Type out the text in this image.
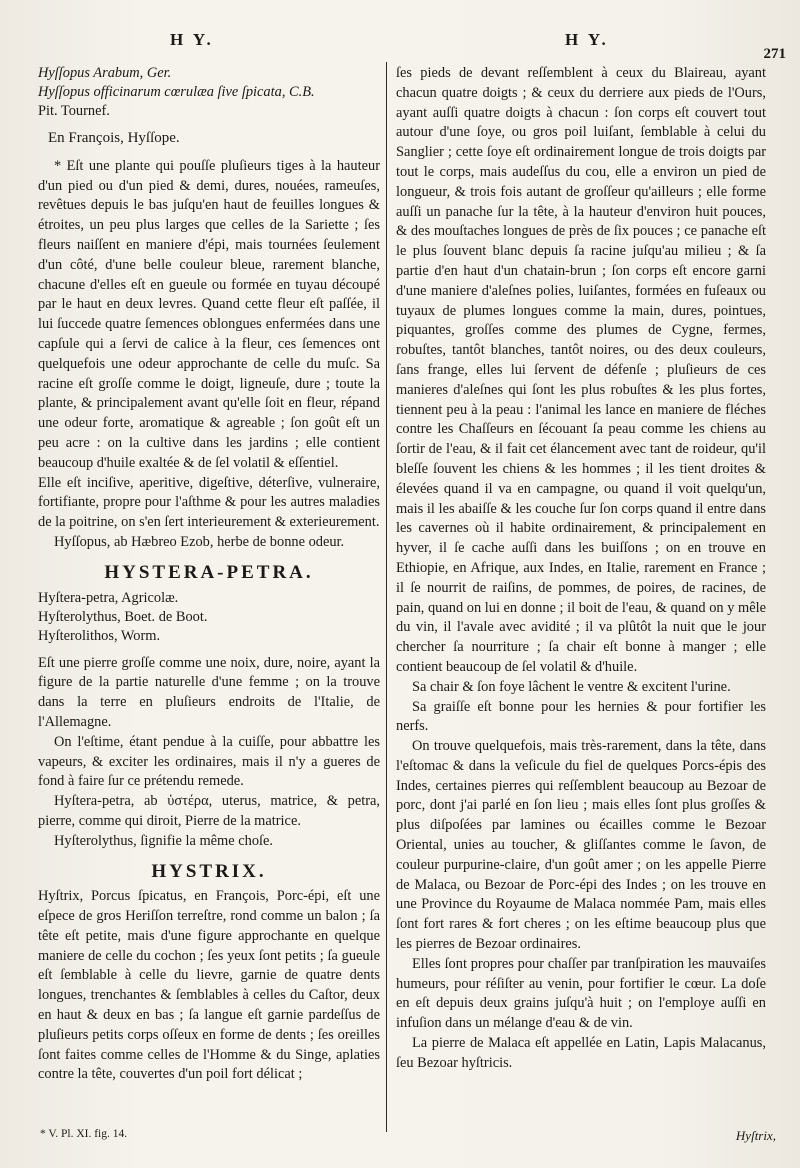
H Y.	H Y.
271

Hyſſopus Arabum, Ger.

Hyſſopus officinarum cœrulæa ſive ſpicata, C.B.

Pit. Tournef.

En François, Hyſſope.

* Eſt une plante qui pouſſe pluſieurs tiges à la hauteur d'un pied ou d'un pied & demi, dures, nouées, rameuſes, revêtues depuis le bas juſqu'en haut de feuilles longues & étroites, un peu plus larges que celles de la Sariette ; ſes fleurs naiſſent en maniere d'épi, mais tournées ſeulement d'un côté, d'une belle couleur bleue, rarement blanche, chacune d'elles eſt en gueule ou formée en tuyau découpé par le haut en deux levres. Quand cette fleur eſt paſſée, il lui ſuccede quatre ſemences oblongues enfermées dans une capſule qui a ſervi de calice à la fleur, ces ſemences ont quelquefois une odeur approchante de celle du muſc. Sa racine eſt groſſe comme le doigt, ligneuſe, dure ; toute la plante, & principalement avant qu'elle ſoit en fleur, répand une odeur forte, aromatique & agreable ; ſon goût eſt un peu acre : on la cultive dans les jardins ; elle contient beaucoup d'huile exaltée & de ſel volatil & eſſentiel.

Elle eſt inciſive, aperitive, digeſtive, déterſive, vulneraire, fortifiante, propre pour l'aſthme & pour les autres maladies de la poitrine, on s'en ſert interieurement & exterieurement.

Hyſſopus, ab Hæbreo Ezob, herbe de bonne odeur.

HYSTERA-PETRA.

Hyſtera-petra, Agricolæ.

Hyſterolythus, Boet. de Boot.

Hyſterolithos, Worm.

Eſt une pierre groſſe comme une noix, dure, noire, ayant la figure de la partie naturelle d'une femme ; on la trouve dans la terre en pluſieurs endroits de l'Italie, de l'Allemagne.

On l'eſtime, étant pendue à la cuiſſe, pour abbattre les vapeurs, & exciter les ordinaires, mais il n'y a gueres de fond à faire ſur ce prétendu remede.

Hyſtera-petra, ab ὑστέρα, uterus, matrice, & petra, pierre, comme qui diroit, Pierre de la matrice.

Hyſterolythus, ſignifie la même choſe.

HYSTRIX.

Hyſtrix, Porcus ſpicatus, en François, Porc-épi, eſt une eſpece de gros Heriſſon terreſtre, rond comme un balon ; ſa tête eſt petite, mais d'une figure approchante en quelque maniere de celle du cochon ; ſes yeux ſont petits ; ſa gueule eſt ſemblable à celle du lievre, garnie de quatre dents longues, trenchantes & ſemblables à celles du Caſtor, deux en haut & deux en bas ; ſa langue eſt garnie pardeſſus de pluſieurs petits corps oſſeux en forme de dents ; ſes oreilles ſont faites comme celles de l'Homme & du Singe, aplaties contre la tête, couvertes d'un poil fort délicat ;

ſes pieds de devant reſſemblent à ceux du Blaireau, ayant chacun quatre doigts ; & ceux du derriere aux pieds de l'Ours, ayant auſſi quatre doigts à chacun : ſon corps eſt couvert tout autour d'une ſoye, ou gros poil luiſant, ſemblable à celui du Sanglier ; cette ſoye eſt ordinairement longue de trois doigts par tout le corps, mais audeſſus du cou, elle a environ un pied de longueur, & trois fois autant de groſſeur qu'ailleurs ; elle forme auſſi un panache ſur la tête, à la hauteur d'environ huit pouces, & des mouſtaches longues de près de ſix pouces ; ce panache eſt le plus ſouvent blanc depuis ſa racine juſqu'au milieu ; & ſa partie d'en haut d'un chatain-brun ; ſon corps eſt encore garni d'une maniere d'aleſnes polies, luiſantes, formées en fuſeaux ou tuyaux de plumes longues comme la main, dures, pointues, piquantes, groſſes comme des plumes de Cygne, fermes, robuſtes, tantôt blanches, tantôt noires, ou des deux couleurs, ſans frange, elles lui ſervent de défenſe ; pluſieurs de ces manieres d'aleſnes qui ſont les plus robuſtes & les plus fortes, tiennent peu à la peau : l'animal les lance en maniere de fléches contre les Chaſſeurs en ſécouant ſa peau comme les chiens au ſortir de l'eau, & il fait cet élancement avec tant de roideur, qu'il bleſſe ſouvent les chiens & les hommes ; il les tient droites & élevées quand il va en campagne, ou quand il voit quelqu'un, mais il les abaiſſe & les couche ſur ſon corps quand il entre dans les cavernes où il habite ordinairement, & principalement en hyver, il ſe cache auſſi dans les buiſſons ; on en trouve en Ethiopie, en Afrique, aux Indes, en Italie, rarement en France ; il ſe nourrit de raiſins, de pommes, de poires, de racines, de pain, quand on lui en donne ; il boit de l'eau, & quand on y mêle du vin, il l'avale avec avidité ; il va plûtôt la nuit que le jour chercher ſa nourriture ; ſa chair eſt bonne à manger ; elle contient beaucoup de ſel volatil & d'huile.

Sa chair & ſon foye lâchent le ventre & excitent l'urine.

Sa graiſſe eſt bonne pour les hernies & pour fortifier les nerfs.

On trouve quelquefois, mais très-rarement, dans la tête, dans l'eſtomac & dans la veſicule du fiel de quelques Porcs-épis des Indes, certaines pierres qui reſſemblent beaucoup au Bezoar de porc, dont j'ai parlé en ſon lieu ; mais elles ſont plus groſſes & plus diſpoſées par lamines ou écailles comme le Bezoar Oriental, unies au toucher, & gliſſantes comme le ſavon, de couleur purpurine-claire, d'un goût amer ; on les appelle Pierre de Malaca, ou Bezoar de Porc-épi des Indes ; on les trouve en une Province du Royaume de Malaca nommée Pam, mais elles ſont fort rares & fort cheres ; on les eſtime beaucoup plus que les pierres de Bezoar ordinaires.

Elles ſont propres pour chaſſer par tranſpiration les mauvaiſes humeurs, pour réſiſter au venin, pour fortifier le cœur. La doſe en eſt depuis deux grains juſqu'à huit ; on l'employe auſſi en infuſion dans un mélange d'eau & de vin.

La pierre de Malaca eſt appellée en Latin, Lapis Malacanus, ſeu Bezoar hyſtricis.

* V. Pl. XI. fig. 14.	Hyſtrix,
